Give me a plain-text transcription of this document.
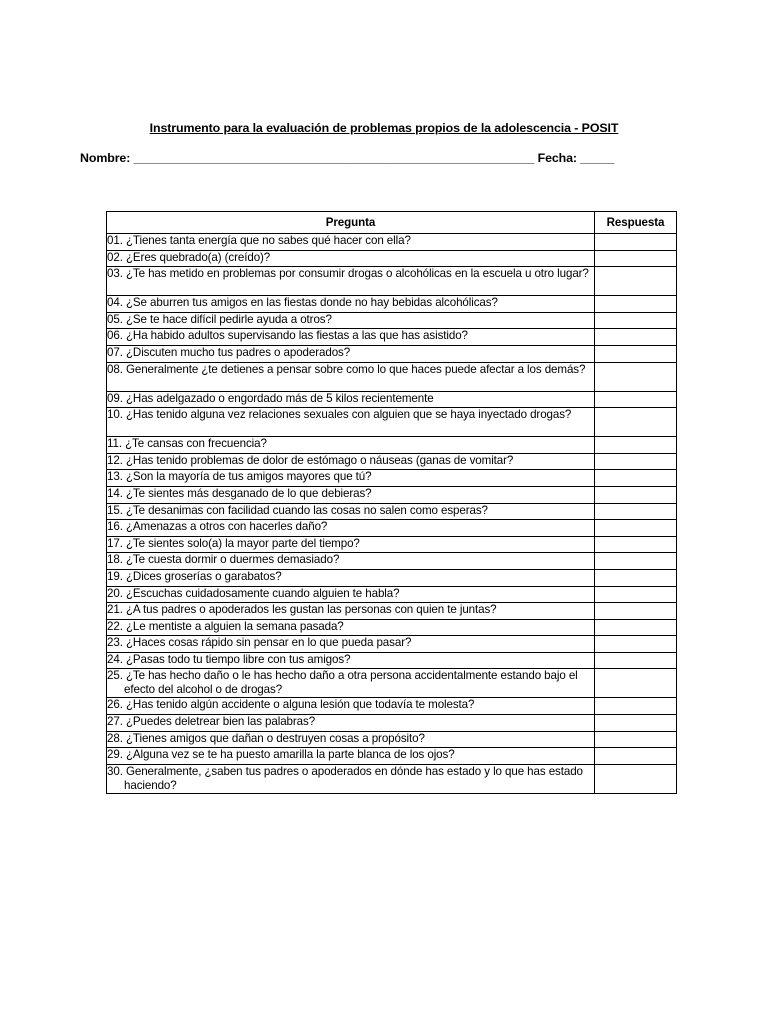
Instrumento para la evaluación de problemas propios de la adolescencia - POSIT
Nombre: ___________________________________________________________ Fecha: _____
Pregunta	Respuesta

01. ¿Tienes tanta energía que no sabes qué hacer con ella?	

02. ¿Eres quebrado(a) (creído)?	

03. ¿Te has metido en problemas por consumir drogas o alcohólicas en la escuela u otro lugar?	

04. ¿Se aburren tus amigos en las fiestas donde no hay bebidas alcohólicas?	

05. ¿Se te hace difícil pedirle ayuda a otros?	

06. ¿Ha habido adultos supervisando las fiestas a las que has asistido?	

07. ¿Discuten mucho tus padres o apoderados?	

08. Generalmente ¿te detienes a pensar sobre como lo que haces puede afectar a los demás?	

09. ¿Has adelgazado o engordado más de 5 kilos recientemente	

10. ¿Has tenido alguna vez relaciones sexuales con alguien que se haya inyectado drogas?	

11. ¿Te cansas con frecuencia?	

12. ¿Has tenido problemas de dolor de estómago o náuseas (ganas de vomitar?	

13. ¿Son la mayoría de tus amigos mayores que tú?	

14. ¿Te sientes más desganado de lo que debieras?	

15. ¿Te desanimas con facilidad cuando las cosas no salen como esperas?	

16. ¿Amenazas a otros con hacerles daño?	

17. ¿Te sientes solo(a) la mayor parte del tiempo?	

18. ¿Te cuesta dormir o duermes demasiado?	

19. ¿Dices groserías o garabatos?	

20. ¿Escuchas cuidadosamente cuando alguien te habla?	

21. ¿A tus padres o apoderados les gustan las personas con quien te juntas?	

22. ¿Le mentiste a alguien la semana pasada?	

23. ¿Haces cosas rápido sin pensar en lo que pueda pasar?	

24. ¿Pasas todo tu tiempo libre con tus amigos?	

25. ¿Te has hecho daño o le has hecho daño a otra persona accidentalmente estando bajo el efecto del alcohol o de drogas?	

26. ¿Has tenido algún accidente o alguna lesión que todavía te molesta?	

27. ¿Puedes deletrear bien las palabras?	

28. ¿Tienes amigos que dañan o destruyen cosas a propósito?	

29. ¿Alguna vez se te ha puesto amarilla la parte blanca de los ojos?	

30. Generalmente, ¿saben tus padres o apoderados en dónde has estado y lo que has estado haciendo?	
